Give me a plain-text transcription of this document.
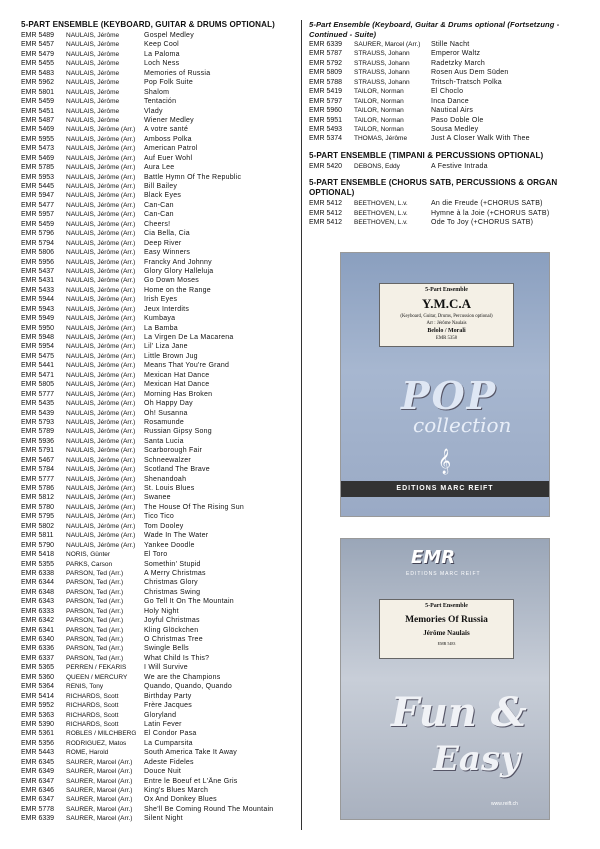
5-PART ENSEMBLE (KEYBOARD, GUITAR & DRUMS OPTIONAL)
EMR 5489	NAULAIS, Jérôme	Gospel Medley
EMR 5457	NAULAIS, Jérôme	Keep Cool
EMR 5479	NAULAIS, Jérôme	La Paloma
EMR 5455	NAULAIS, Jérôme	Loch Ness
EMR 5483	NAULAIS, Jérôme	Memories of Russia
EMR 5962	NAULAIS, Jérôme	Pop Folk Suite
EMR 5801	NAULAIS, Jérôme	Shalom
EMR 5459	NAULAIS, Jérôme	Tentación
EMR 5451	NAULAIS, Jérôme	Vlady
EMR 5487	NAULAIS, Jérôme	Wiener Medley
EMR 5469	NAULAIS, Jérôme (Arr.)	A votre santé
EMR 5955	NAULAIS, Jérôme (Arr.)	Amboss Polka
EMR 5473	NAULAIS, Jérôme (Arr.)	American Patrol
EMR 5469	NAULAIS, Jérôme (Arr.)	Auf Euer Wohl
EMR 5785	NAULAIS, Jérôme (Arr.)	Aura Lee
EMR 5953	NAULAIS, Jérôme (Arr.)	Battle Hymn Of The Republic
EMR 5445	NAULAIS, Jérôme (Arr.)	Bill Bailey
EMR 5947	NAULAIS, Jérôme (Arr.)	Black Eyes
EMR 5477	NAULAIS, Jérôme (Arr.)	Can-Can
EMR 5957	NAULAIS, Jérôme (Arr.)	Can-Can
EMR 5459	NAULAIS, Jérôme (Arr.)	Cheers!
EMR 5796	NAULAIS, Jérôme (Arr.)	Cia Bella, Cia
EMR 5794	NAULAIS, Jérôme (Arr.)	Deep River
EMR 5806	NAULAIS, Jérôme (Arr.)	Easy Winners
EMR 5956	NAULAIS, Jérôme (Arr.)	Francky And Johnny
EMR 5437	NAULAIS, Jérôme (Arr.)	Glory Glory Halleluja
EMR 5431	NAULAIS, Jérôme (Arr.)	Go Down Moses
EMR 5433	NAULAIS, Jérôme (Arr.)	Home on the Range
EMR 5944	NAULAIS, Jérôme (Arr.)	Irish Eyes
EMR 5943	NAULAIS, Jérôme (Arr.)	Jeux Interdits
EMR 5949	NAULAIS, Jérôme (Arr.)	Kumbaya
EMR 5950	NAULAIS, Jérôme (Arr.)	La Bamba
EMR 5948	NAULAIS, Jérôme (Arr.)	La Virgen De La Macarena
EMR 5954	NAULAIS, Jérôme (Arr.)	Lil' Liza Jane
EMR 5475	NAULAIS, Jérôme (Arr.)	Little Brown Jug
EMR 5441	NAULAIS, Jérôme (Arr.)	Means That You're Grand
EMR 5471	NAULAIS, Jérôme (Arr.)	Mexican Hat Dance
EMR 5805	NAULAIS, Jérôme (Arr.)	Mexican Hat Dance
EMR 5777	NAULAIS, Jérôme (Arr.)	Morning Has Broken
EMR 5435	NAULAIS, Jérôme (Arr.)	Oh Happy Day
EMR 5439	NAULAIS, Jérôme (Arr.)	Oh! Susanna
EMR 5793	NAULAIS, Jérôme (Arr.)	Rosamunde
EMR 5789	NAULAIS, Jérôme (Arr.)	Russian Gipsy Song
EMR 5936	NAULAIS, Jérôme (Arr.)	Santa Lucia
EMR 5791	NAULAIS, Jérôme (Arr.)	Scarborough Fair
EMR 5467	NAULAIS, Jérôme (Arr.)	Schneewalzer
EMR 5784	NAULAIS, Jérôme (Arr.)	Scotland The Brave
EMR 5777	NAULAIS, Jérôme (Arr.)	Shenandoah
EMR 5786	NAULAIS, Jérôme (Arr.)	St. Louis Blues
EMR 5812	NAULAIS, Jérôme (Arr.)	Swanee
EMR 5780	NAULAIS, Jérôme (Arr.)	The House Of The Rising Sun
EMR 5795	NAULAIS, Jérôme (Arr.)	Tico Tico
EMR 5802	NAULAIS, Jérôme (Arr.)	Tom Dooley
EMR 5811	NAULAIS, Jérôme (Arr.)	Wade In The Water
EMR 5790	NAULAIS, Jérôme (Arr.)	Yankee Doodle
EMR 5418	NORIS, Günter	El Toro
EMR 5355	PARKS, Carson	Somethin' Stupid
EMR 6338	PARSON, Ted (Arr.)	A Merry Christmas
EMR 6344	PARSON, Ted (Arr.)	Christmas Glory
EMR 6348	PARSON, Ted (Arr.)	Christmas Swing
EMR 6343	PARSON, Ted (Arr.)	Go Tell It On The Mountain
EMR 6333	PARSON, Ted (Arr.)	Holy Night
EMR 6342	PARSON, Ted (Arr.)	Joyful Christmas
EMR 6341	PARSON, Ted (Arr.)	Kling Glöckchen
EMR 6340	PARSON, Ted (Arr.)	O Christmas Tree
EMR 6336	PARSON, Ted (Arr.)	Swingle Bells
EMR 6337	PARSON, Ted (Arr.)	What Child Is This?
EMR 5365	PERREN / FEKARIS	I Will Survive
EMR 5360	QUEEN / MERCURY	We are the Champions
EMR 5364	RENIS, Tony	Quando, Quando, Quando
EMR 5414	RICHARDS, Scott	Birthday Party
EMR 5952	RICHARDS, Scott	Frère Jacques
EMR 5363	RICHARDS, Scott	Gloryland
EMR 5390	RICHARDS, Scott	Latin Fever
EMR 5361	ROBLES / MILCHBERG	El Condor Pasa
EMR 5356	RODRIGUEZ, Matos	La Cumparsita
EMR 5443	ROME, Harold	South America Take It Away
EMR 6345	SAURER, Marcel (Arr.)	Adeste Fideles
EMR 6349	SAURER, Marcel (Arr.)	Douce Nuit
EMR 6347	SAURER, Marcel (Arr.)	Entre le Boeuf et L'Âne Gris
EMR 6346	SAURER, Marcel (Arr.)	King's Blues March
EMR 6347	SAURER, Marcel (Arr.)	Ox And Donkey Blues
EMR 5778	SAURER, Marcel (Arr.)	She'll Be Coming Round The Mountain
EMR 6339	SAURER, Marcel (Arr.)	Silent Night
5-Part Ensemble (Keyboard, Guitar & Drums optional (Fortsetzung - Continued - Suite)
EMR 6339	SAURER, Marcel (Arr.)	Stille Nacht
EMR 5787	STRAUSS, Johann	Emperor Waltz
EMR 5792	STRAUSS, Johann	Radetzky March
EMR 5809	STRAUSS, Johann	Rosen Aus Dem Süden
EMR 5788	STRAUSS, Johann	Tritsch-Tratsch Polka
EMR 5419	TAILOR, Norman	El Choclo
EMR 5797	TAILOR, Norman	Inca Dance
EMR 5960	TAILOR, Norman	Nautical Airs
EMR 5951	TAILOR, Norman	Paso Doble Ole
EMR 5493	TAILOR, Norman	Sousa Medley
EMR 5374	THOMAS, Jérôme	Just A Closer Walk With Thee
5-PART ENSEMBLE (TIMPANI & PERCUSSIONS OPTIONAL)
EMR 5420	DEBONS, Eddy	A Festive Intrada
5-PART ENSEMBLE (CHORUS SATB, PERCUSSIONS & ORGAN OPTIONAL)
EMR 5412	BEETHOVEN, L.v.	An die Freude (+CHORUS SATB)
EMR 5412	BEETHOVEN, L.v.	Hymne à la Joie (+CHORUS SATB)
EMR 5412	BEETHOVEN, L.v.	Ode To Joy (+CHORUS SATB)
5-Part Ensemble
Y.M.C.A
(Keyboard, Guitar, Drums, Percussion optional)
Arr : Jérôme Naulais
Belolo / Morali
EMR 5358
POP
collection
𝄞
EDITIONS MARC REIFT
EMR
EDITIONS MARC REIFT
5-Part Ensemble
Memories Of Russia
Jérôme Naulais
EMR 5483
Fun &
Easy
www.reift.ch
